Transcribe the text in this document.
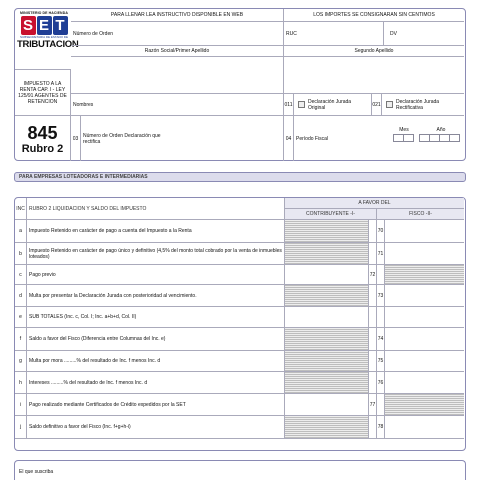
MINISTERIO DE HACIENDA
S E T
SUBSECRETARIA DE ESTADO DE
TRIBUTACION
IMPUESTO A LA RENTA CAP. I - LEY 125/91 AGENTES DE RETENCION
845
Rubro 2
PARA LLENAR LEA INSTRUCTIVO DISPONIBLE EN WEB	LOS IMPORTES SE CONSIGNARAN SIN CENTIMOS
Número de Orden	RUC	DV
Razón Social/Primer Apellido	Segundo Apellido
Nombres	011	Declaración Jurada Original	021	Declaración Jurada Rectificativa
03 Número de Orden Declaración que rectifica	04 Período Fiscal
Mes	Año

PARA EMPRESAS LOTEADORAS E INTERMEDIARIAS
INC RUBRO 2 LIQUIDACION Y SALDO DEL IMPUESTO
A FAVOR DEL
CONTRIBUYENTE -I-	FISCO -II-
a	Impuesto Retenido en carácter de pago a cuenta del Impuesto a la Renta	70
b	Impuesto Retenido en carácter de pago único y definitivo (4,5% del monto total cobrado por la venta de inmuebles loteados)	71
c	Pago previo	72
d	Multa por presentar la Declaración Jurada con posterioridad al vencimiento.	73
e	SUB TOTALES (Inc. c, Col. I; Inc. a+b+d, Col. II)
f	Saldo a favor del Fisco (Diferencia entre Columnas del Inc. e)	74
g	Multa por mora .........% del resultado de Inc. f menos Inc. d	75
h	Intereses .........% del resultado de Inc. f menos Inc. d	76
i	Pago realizado mediante Certificados de Crédito expedidos por la SET	77
j	Saldo definitivo a favor del Fisco (Inc. f+g+h-i)	78
El que suscriba
